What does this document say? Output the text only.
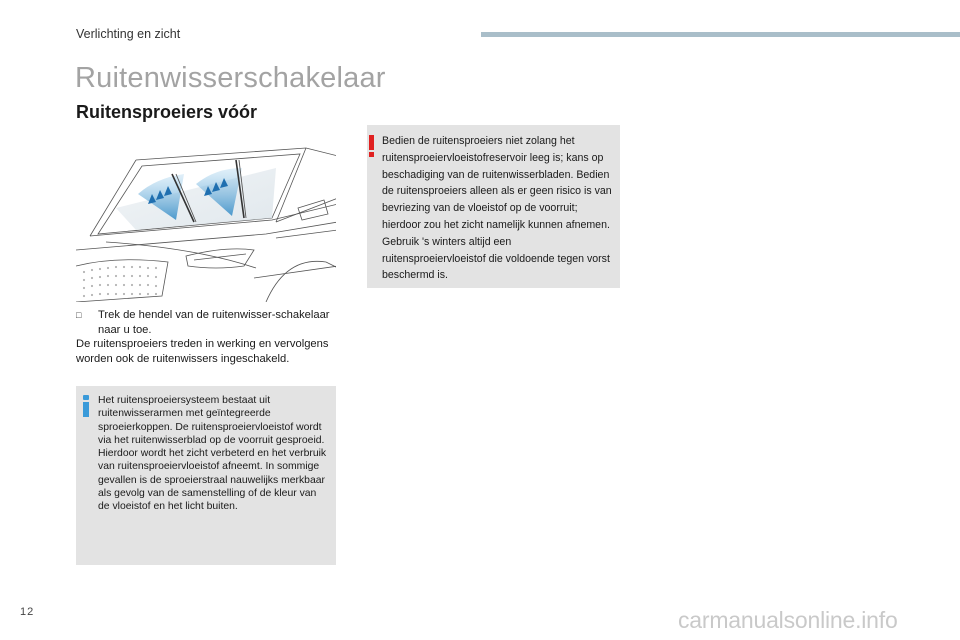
Verlichting en zicht
Ruitenwisserschakelaar
Ruitensproeiers vóór
□	Trek de hendel van de ruitenwisser-schakelaar naar u toe.
De ruitensproeiers treden in werking en vervolgens worden ook de ruitenwissers ingeschakeld.

Het ruitensproeiersysteem bestaat uit ruitenwisserarmen met geïntegreerde sproeierkoppen. De ruitensproeiervloeistof wordt via het ruitenwisserblad op de voorruit gesproeid. Hierdoor wordt het zicht verbeterd en het verbruik van ruitensproeiervloeistof afneemt. In sommige gevallen is de sproeierstraal nauwelijks merkbaar als gevolg van de samenstelling of de kleur van de vloeistof en het licht buiten.

Bedien de ruitensproeiers niet zolang het ruitensproeiervloeistofreservoir leeg is; kans op beschadiging van de ruitenwisserbladen. Bedien de ruitensproeiers alleen als er geen risico is van bevriezing van de vloeistof op de voorruit; hierdoor zou het zicht namelijk kunnen afnemen. Gebruik 's winters altijd een ruitensproeiervloeistof die voldoende tegen vorst beschermd is.

12	carmanualsonline.info
